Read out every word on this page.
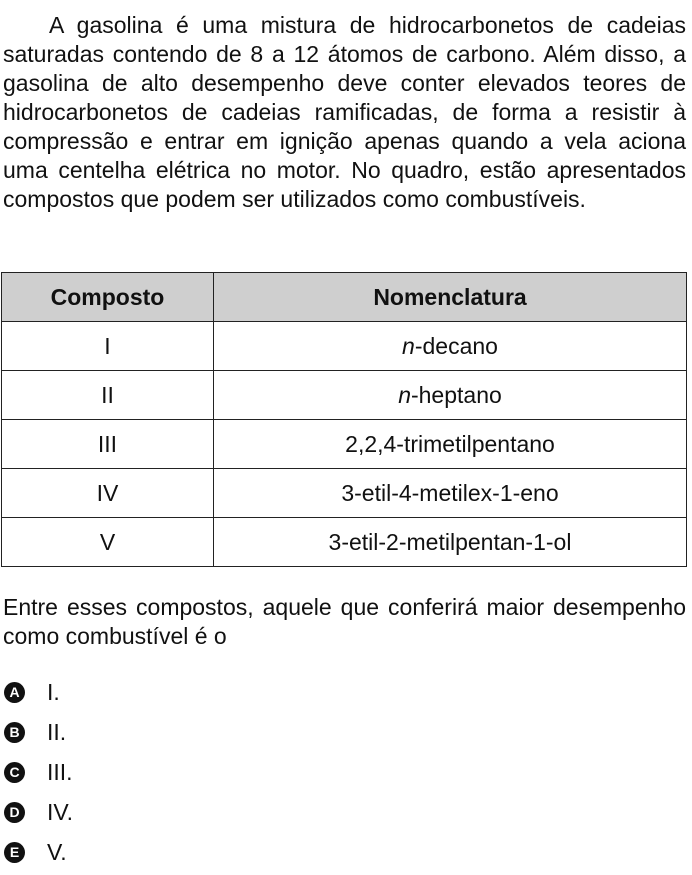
A gasolina é uma mistura de hidrocarbonetos de cadeias saturadas contendo de 8 a 12 átomos de carbono. Além disso, a gasolina de alto desempenho deve conter elevados teores de hidrocarbonetos de cadeias ramificadas, de forma a resistir à compressão e entrar em ignição apenas quando a vela aciona uma centelha elétrica no motor. No quadro, estão apresentados compostos que podem ser utilizados como combustíveis.

Composto	Nomenclatura
I	n-decano
II	n-heptano
III	2,2,4-trimetilpentano
IV	3-etil-4-metilex-1-eno
V	3-etil-2-metilpentan-1-ol

Entre esses compostos, aquele que conferirá maior desempenho como combustível é o

A I.
B II.
C III.
D IV.
E V.
